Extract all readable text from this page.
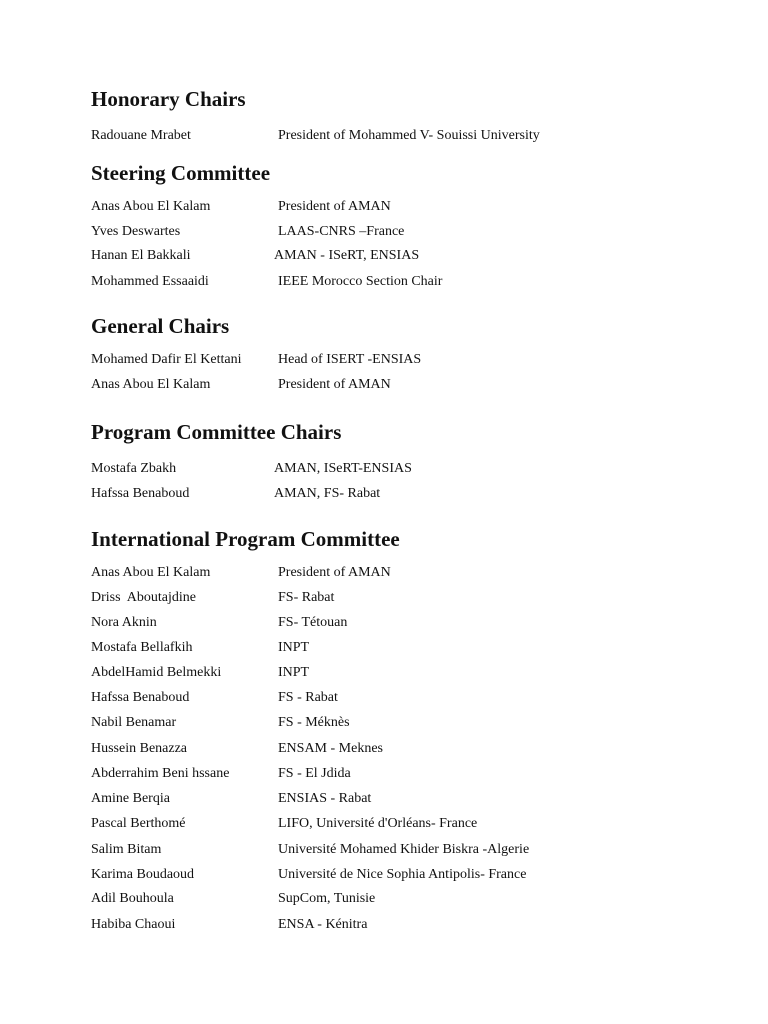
Honorary Chairs
Radouane Mrabet	President of Mohammed V- Souissi University
Steering Committee
Anas Abou El Kalam	President of AMAN
Yves Deswartes	LAAS-CNRS –France
Hanan El Bakkali	AMAN - ISeRT, ENSIAS
Mohammed Essaaidi	IEEE Morocco Section Chair
General Chairs
Mohamed Dafir El Kettani	Head of ISERT -ENSIAS
Anas Abou El Kalam	President of AMAN
Program Committee Chairs
Mostafa Zbakh	AMAN, ISeRT-ENSIAS
Hafssa Benaboud	AMAN, FS- Rabat
International Program Committee
Anas Abou El Kalam	President of AMAN
Driss  Aboutajdine	FS- Rabat
Nora Aknin	FS- Tétouan
Mostafa Bellafkih	INPT
AbdelHamid Belmekki	INPT
Hafssa Benaboud	FS - Rabat
Nabil Benamar	FS - Méknès
Hussein Benazza	ENSAM - Meknes
Abderrahim Beni hssane	FS - El Jdida
Amine Berqia	ENSIAS - Rabat
Pascal Berthomé	LIFO, Université d'Orléans- France
Salim Bitam	Université Mohamed Khider Biskra -Algerie
Karima Boudaoud	Université de Nice Sophia Antipolis- France
Adil Bouhoula	SupCom, Tunisie
Habiba Chaoui	ENSA - Kénitra
